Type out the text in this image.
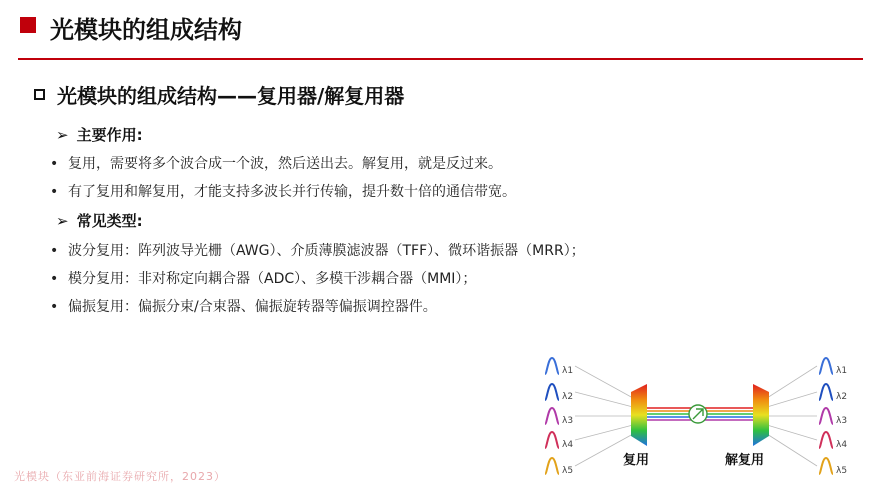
光模块的组成结构
光模块的组成结构——复用器/解复用器
➢ 主要作用:
• 复用，需要将多个波合成一个波，然后送出去。解复用，就是反过来。
• 有了复用和解复用，才能支持多波长并行传输，提升数十倍的通信带宽。
➢ 常见类型:
• 波分复用：阵列波导光栅（AWG）、介质薄膜滤波器（TFF）、微环谐振器（MRR）；
• 模分复用：非对称定向耦合器（ADC）、多模干涉耦合器（MMI）；
• 偏振复用：偏振分束/合束器、偏振旋转器等偏振调控器件。
λ1
λ2
λ3
λ4
λ5
λ1
λ2
λ3
λ4
λ5
复用	解复用
光模块（东亚前海证券研究所，2023）
